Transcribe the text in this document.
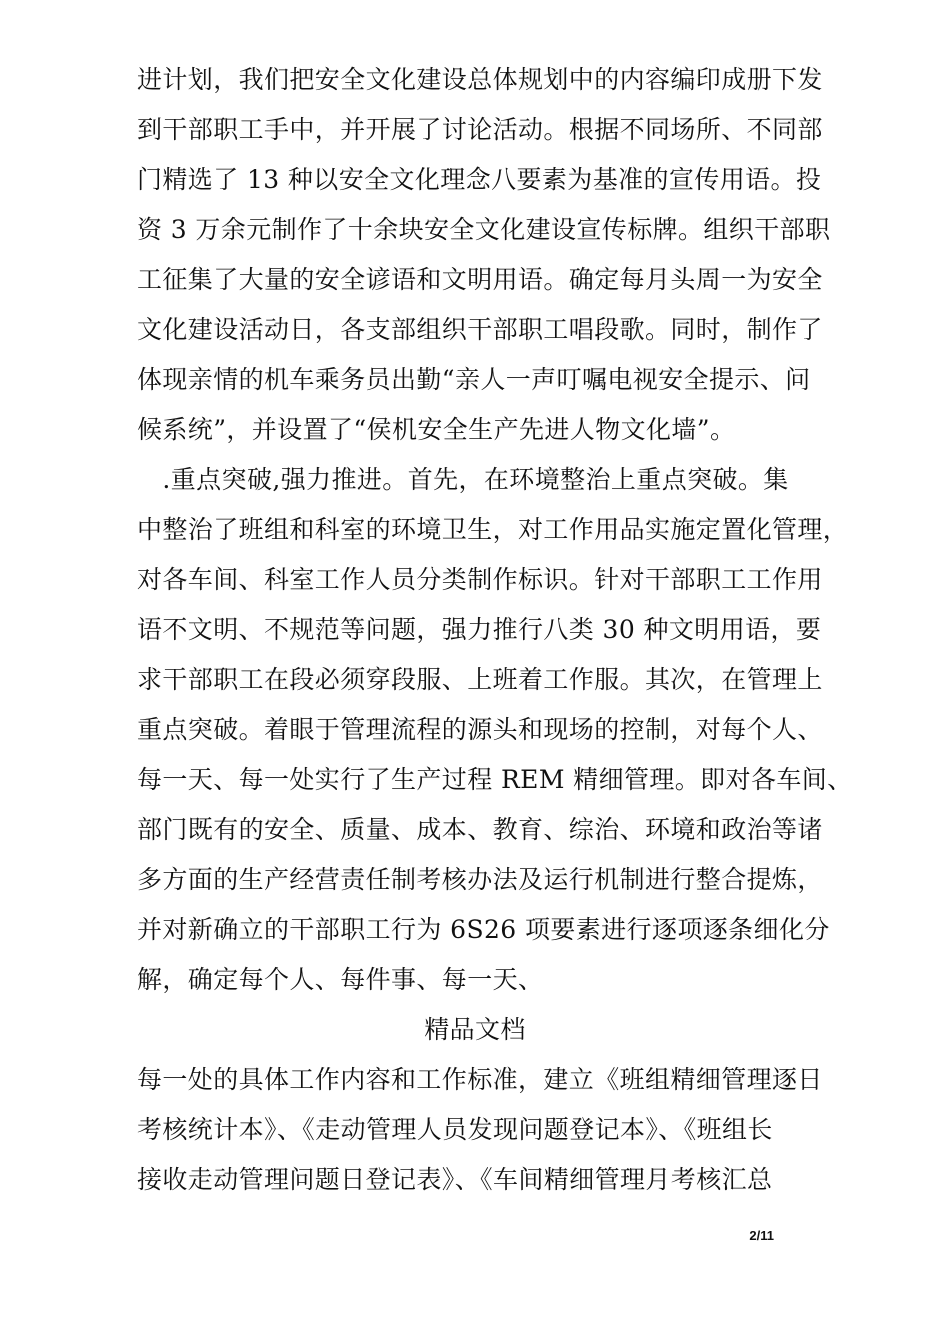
进计划，我们把安全文化建设总体规划中的内容编印成册下发
到干部职工手中，并开展了讨论活动。根据不同场所、不同部
门精选了 13 种以安全文化理念八要素为基准的宣传用语。投
资 3 万余元制作了十余块安全文化建设宣传标牌。组织干部职
工征集了大量的安全谚语和文明用语。确定每月头周一为安全
文化建设活动日，各支部组织干部职工唱段歌。同时，制作了
体现亲情的机车乘务员出勤“亲人一声叮嘱电视安全提示、问
候系统”，并设置了“侯机安全生产先进人物文化墙”。
　.重点突破,强力推进。首先，在环境整治上重点突破。集
中整治了班组和科室的环境卫生，对工作用品实施定置化管理，
对各车间、科室工作人员分类制作标识。针对干部职工工作用
语不文明、不规范等问题，强力推行八类 30 种文明用语，要
求干部职工在段必须穿段服、上班着工作服。其次，在管理上
重点突破。着眼于管理流程的源头和现场的控制，对每个人、
每一天、每一处实行了生产过程 REM 精细管理。即对各车间、
部门既有的安全、质量、成本、教育、综治、环境和政治等诸
多方面的生产经营责任制考核办法及运行机制进行整合提炼，
并对新确立的干部职工行为 6S26 项要素进行逐项逐条细化分
解，确定每个人、每件事、每一天、
精品文档
每一处的具体工作内容和工作标准，建立《班组精细管理逐日
考核统计本》、《走动管理人员发现问题登记本》、《班组长
接收走动管理问题日登记表》、《车间精细管理月考核汇总
2/11
